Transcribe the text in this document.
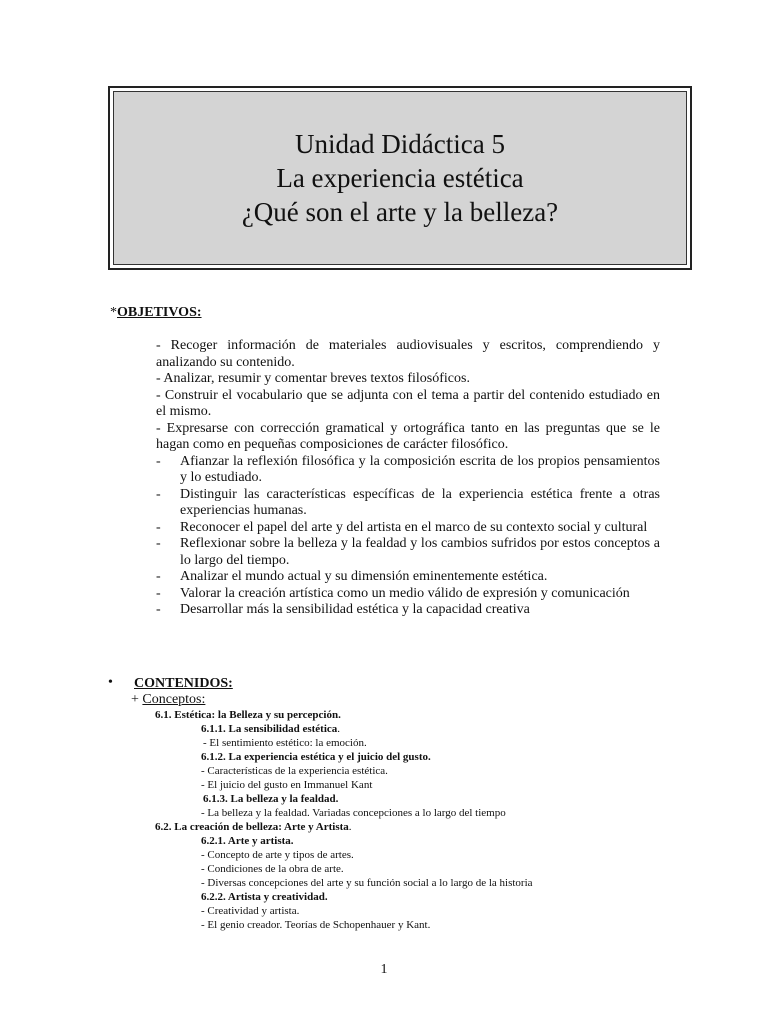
Unidad Didáctica 5
La experiencia estética
¿Qué son el arte y la belleza?
*OBJETIVOS:
- Recoger información de materiales audiovisuales y escritos, comprendiendo y analizando su contenido.
- Analizar, resumir y comentar breves textos filosóficos.
- Construir el vocabulario que se adjunta con el tema a partir del contenido estudiado en el mismo.
- Expresarse con corrección gramatical y ortográfica tanto en las preguntas que se le hagan como en pequeñas composiciones de carácter filosófico.
- Afianzar la reflexión filosófica y la composición escrita de los propios pensamientos y lo estudiado.
- Distinguir las características específicas de la experiencia estética frente a otras experiencias humanas.
- Reconocer el papel del arte y del artista en el marco de su contexto social y cultural
- Reflexionar sobre la belleza y la fealdad y los cambios sufridos por estos conceptos a lo largo del tiempo.
- Analizar el mundo actual y su dimensión eminentemente estética.
- Valorar la creación artística como un medio válido de expresión y comunicación
- Desarrollar más la sensibilidad estética y la capacidad creativa
• CONTENIDOS:
+ Conceptos:
6.1. Estética: la Belleza y su percepción.
6.1.1. La sensibilidad estética.
- El sentimiento estético: la emoción.
6.1.2. La experiencia estética y el juicio del gusto.
- Características de la experiencia estética.
- El juicio del gusto en Immanuel Kant
6.1.3. La belleza y la fealdad.
- La belleza y la fealdad. Variadas concepciones a lo largo del tiempo
6.2. La creación de belleza: Arte y Artista.
6.2.1. Arte y artista.
- Concepto de arte y tipos de artes.
- Condiciones de la obra de arte.
- Diversas concepciones del arte y su función social a lo largo de la historia
6.2.2. Artista y creatividad.
- Creatividad y artista.
- El genio creador. Teorías de Schopenhauer y Kant.
1
